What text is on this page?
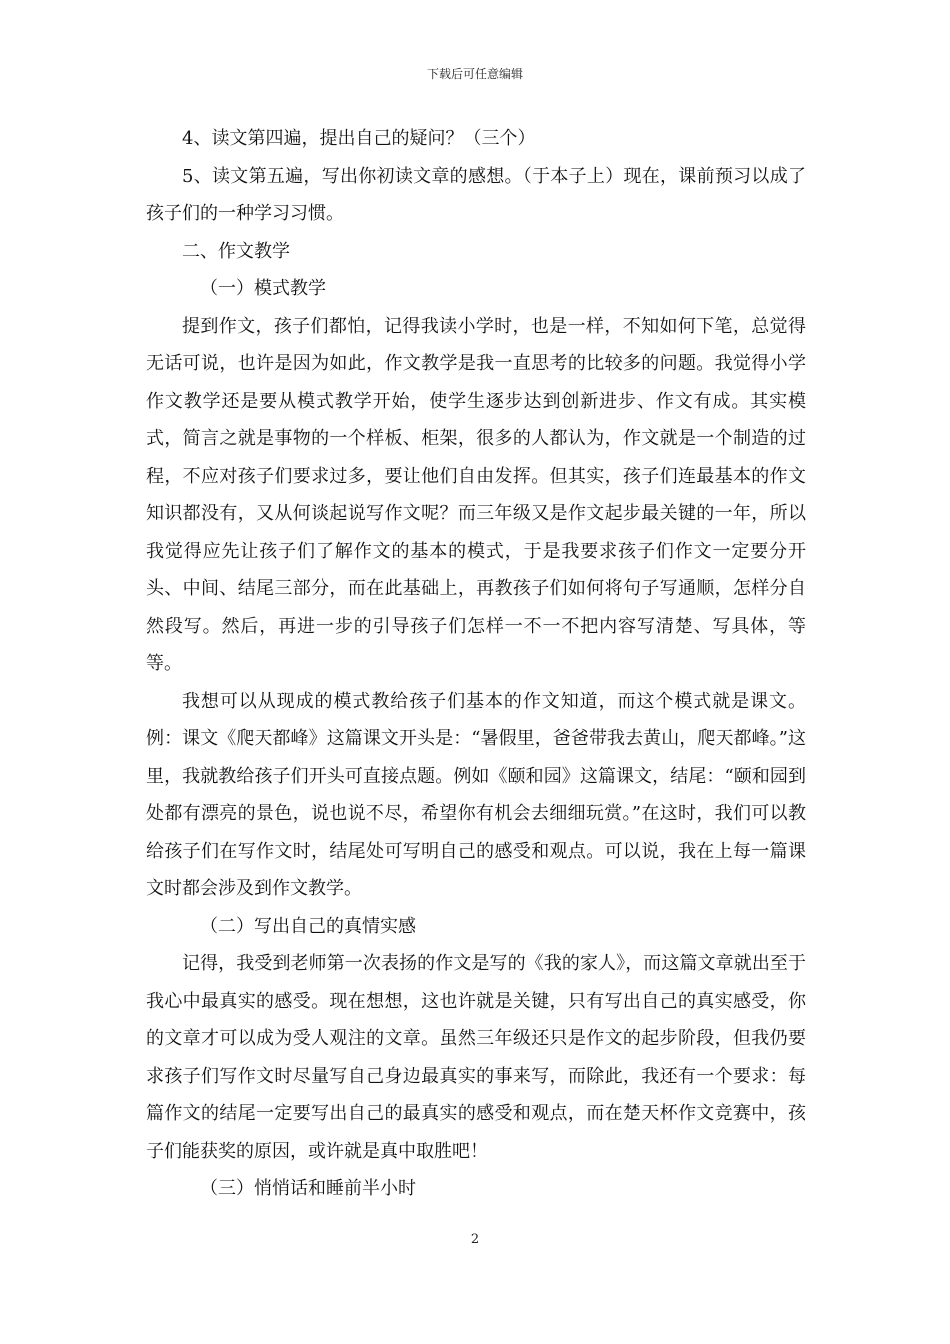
下载后可任意编辑

4、读文第四遍，提出自己的疑问？（三个）

5、读文第五遍，写出你初读文章的感想。（于本子上）现在，课前预习以成了孩子们的一种学习习惯。

二、作文教学

（一）模式教学

提到作文，孩子们都怕，记得我读小学时，也是一样，不知如何下笔，总觉得无话可说，也许是因为如此，作文教学是我一直思考的比较多的问题。我觉得小学作文教学还是要从模式教学开始，使学生逐步达到创新进步、作文有成。其实模式，简言之就是事物的一个样板、柜架，很多的人都认为，作文就是一个制造的过程，不应对孩子们要求过多，要让他们自由发挥。但其实，孩子们连最基本的作文知识都没有，又从何谈起说写作文呢？而三年级又是作文起步最关键的一年，所以我觉得应先让孩子们了解作文的基本的模式，于是我要求孩子们作文一定要分开头、中间、结尾三部分，而在此基础上，再教孩子们如何将句子写通顺，怎样分自然段写。然后，再进一步的引导孩子们怎样一不一不把内容写清楚、写具体，等等。

我想可以从现成的模式教给孩子们基本的作文知道，而这个模式就是课文。例：课文《爬天都峰》这篇课文开头是：“暑假里，爸爸带我去黄山，爬天都峰。”这里，我就教给孩子们开头可直接点题。例如《颐和园》这篇课文，结尾：“颐和园到处都有漂亮的景色，说也说不尽，希望你有机会去细细玩赏。”在这时，我们可以教给孩子们在写作文时，结尾处可写明自己的感受和观点。可以说，我在上每一篇课文时都会涉及到作文教学。

（二）写出自己的真情实感

记得，我受到老师第一次表扬的作文是写的《我的家人》，而这篇文章就出至于我心中最真实的感受。现在想想，这也许就是关键，只有写出自己的真实感受，你的文章才可以成为受人观注的文章。虽然三年级还只是作文的起步阶段，但我仍要求孩子们写作文时尽量写自己身边最真实的事来写，而除此，我还有一个要求：每篇作文的结尾一定要写出自己的最真实的感受和观点，而在楚天杯作文竞赛中，孩子们能获奖的原因，或许就是真中取胜吧！

（三）悄悄话和睡前半小时

2
